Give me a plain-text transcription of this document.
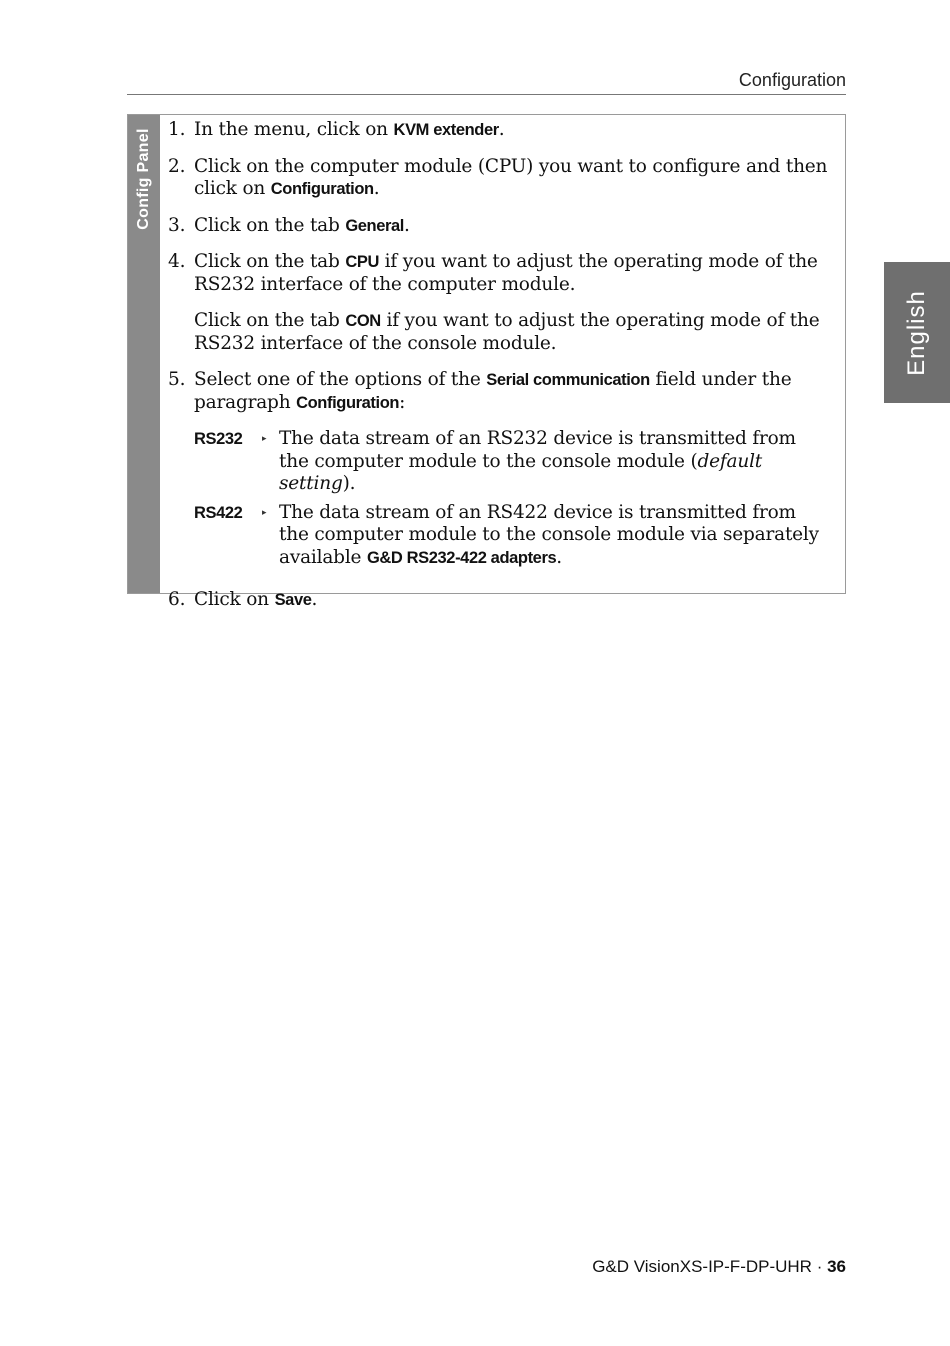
Configuration
English
Config Panel 1. In the menu, click on KVM extender.

2. Click on the computer module (CPU) you want to configure and then click on Configuration.

3. Click on the tab General.

4. Click on the tab CPU if you want to adjust the operating mode of the RS232 interface of the computer module.

Click on the tab CON if you want to adjust the operating mode of the RS232 interface of the console module.

5. Select one of the options of the Serial communication field under the paragraph Configuration:

RS232	▸ The data stream of an RS232 device is transmitted from the computer module to the console module (default setting).
RS422	▸ The data stream of an RS422 device is transmitted from the computer module to the console module via separately available G&D RS232-422 adapters.
6. Click on Save.

G&D VisionXS-IP-F-DP-UHR · 36
